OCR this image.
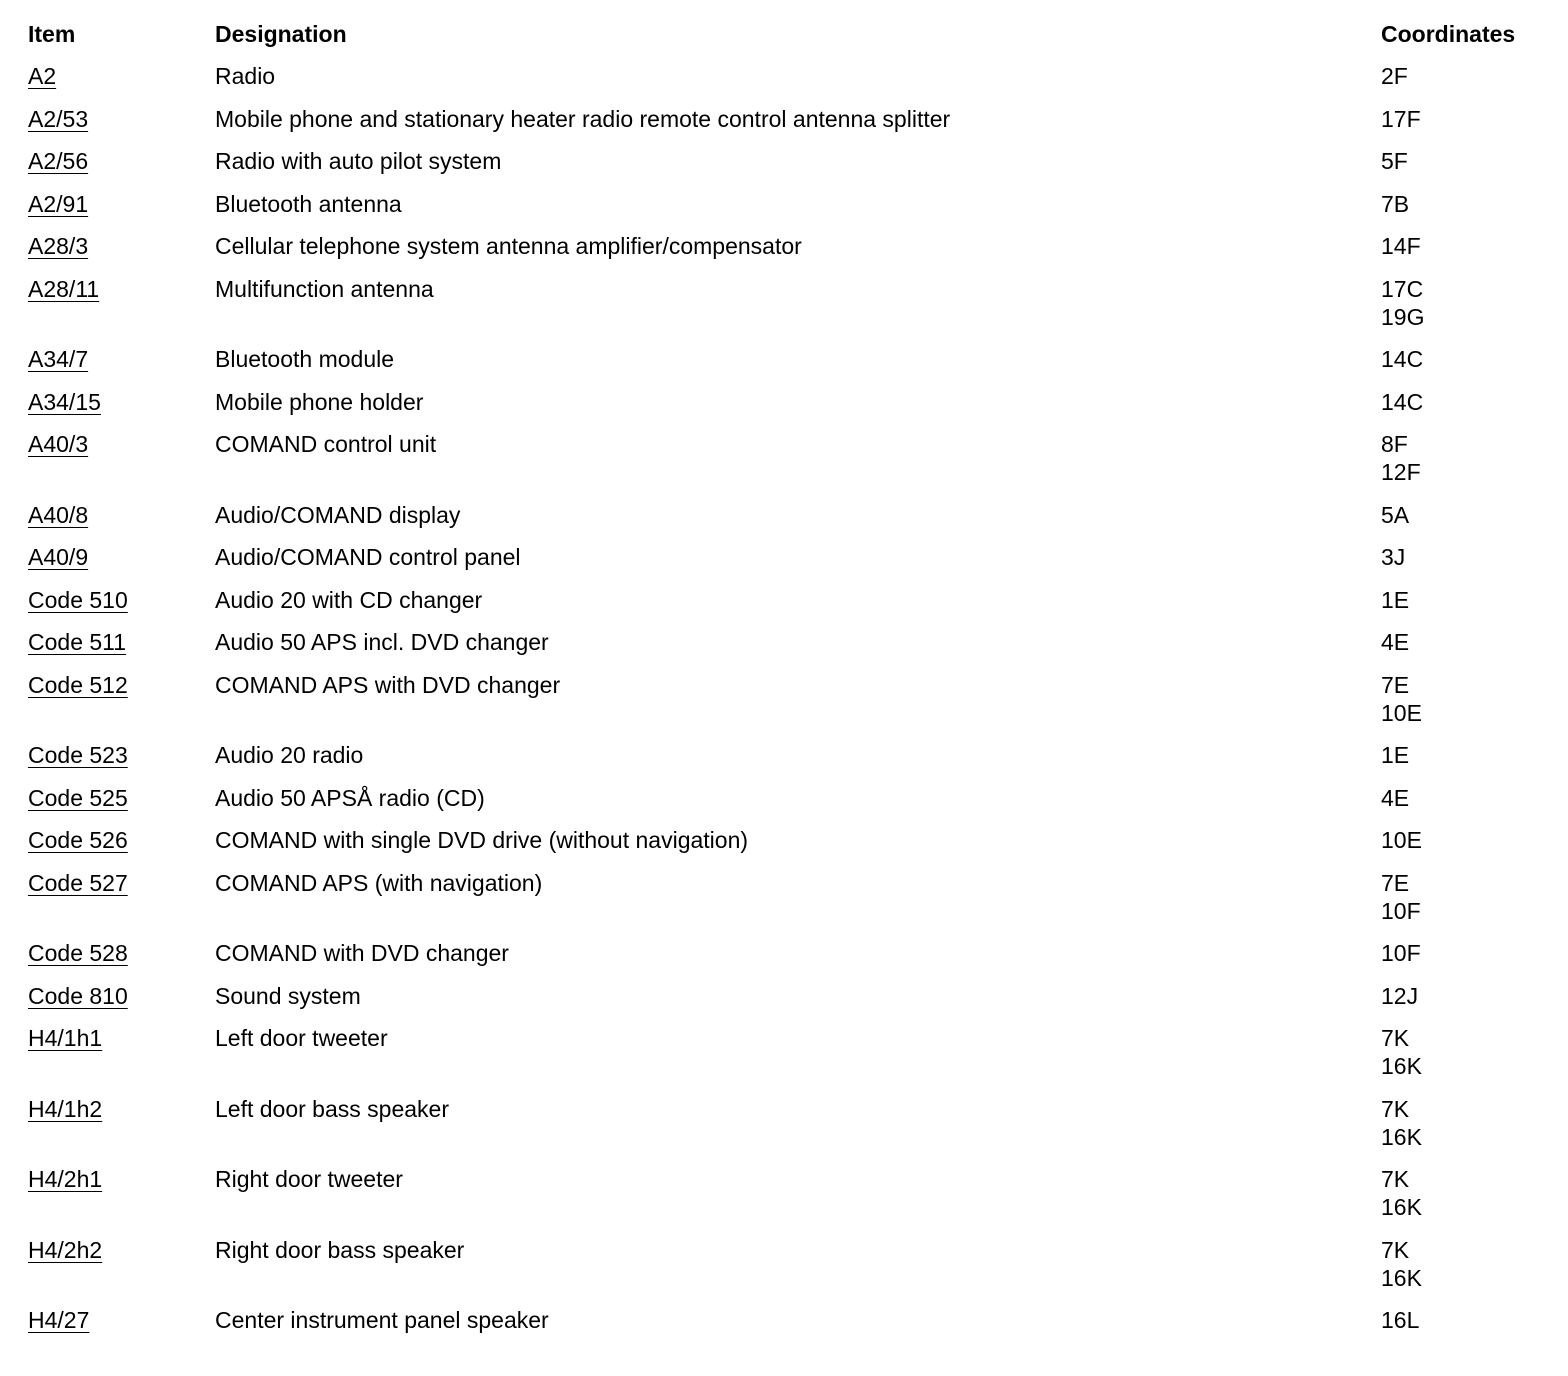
Item	Designation	Coordinates
A2	Radio	2F
A2/53	Mobile phone and stationary heater radio remote control antenna splitter	17F
A2/56	Radio with auto pilot system	5F
A2/91	Bluetooth antenna	7B
A28/3	Cellular telephone system antenna amplifier/compensator	14F
A28/11	Multifunction antenna	17C
19G
A34/7	Bluetooth module	14C
A34/15	Mobile phone holder	14C
A40/3	COMAND control unit	8F
12F
A40/8	Audio/COMAND display	5A
A40/9	Audio/COMAND control panel	3J
Code 510	Audio 20 with CD changer	1E
Code 511	Audio 50 APS incl. DVD changer	4E
Code 512	COMAND APS with DVD changer	7E
10E
Code 523	Audio 20 radio	1E
Code 525	Audio 50 APSÅ radio (CD)	4E
Code 526	COMAND with single DVD drive (without navigation)	10E
Code 527	COMAND APS (with navigation)	7E
10F
Code 528	COMAND with DVD changer	10F
Code 810	Sound system	12J
H4/1h1	Left door tweeter	7K
16K
H4/1h2	Left door bass speaker	7K
16K
H4/2h1	Right door tweeter	7K
16K
H4/2h2	Right door bass speaker	7K
16K
H4/27	Center instrument panel speaker	16L
